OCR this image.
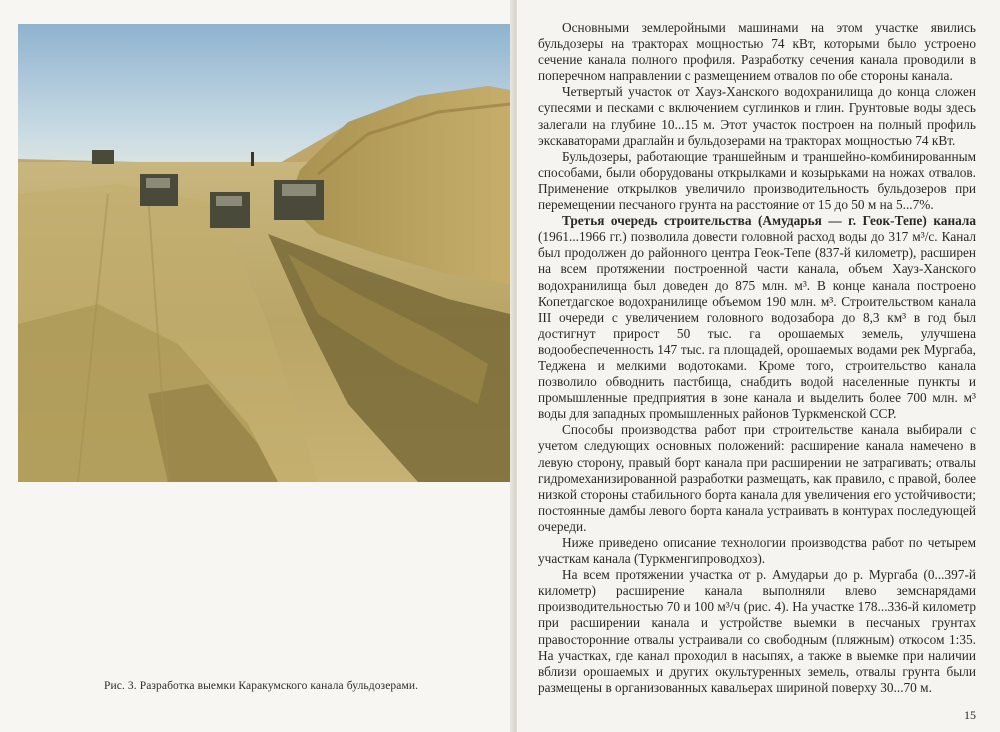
Рис. 3. Разработка выемки Каракумского канала бульдозерами.

Основными землеройными машинами на этом участке явились бульдозеры на тракторах мощностью 74 кВт, которыми было устроено сечение канала полного профиля. Разработку сечения канала проводили в поперечном направлении с размещением отвалов по обе стороны канала.

Четвертый участок от Хауз-Ханского водохранилища до конца сложен супесями и песками с включением суглинков и глин. Грунтовые воды здесь залегали на глубине 10...15 м. Этот участок построен на полный профиль экскаваторами драглайн и бульдозерами на тракторах мощностью 74 кВт.

Бульдозеры, работающие траншейным и траншейно-комбинированным способами, были оборудованы открылками и козырьками на ножах отвалов. Применение открылков увеличило производительность бульдозеров при перемещении песчаного грунта на расстояние от 15 до 50 м на 5...7%.

Третья очередь строительства (Амударья — г. Геок-Тепе) канала (1961...1966 гг.) позволила довести головной расход воды до 317 м³/с. Канал был продолжен до районного центра Геок-Тепе (837-й километр), расширен на всем протяжении построенной части канала, объем Хауз-Ханского водохранилища был доведен до 875 млн. м³. В конце канала построено Копетдагское водохранилище объемом 190 млн. м³. Строительством канала III очереди с увеличением головного водозабора до 8,3 км³ в год был достигнут прирост 50 тыс. га орошаемых земель, улучшена водообеспеченность 147 тыс. га площадей, орошаемых водами рек Мургаба, Теджена и мелкими водотоками. Кроме того, строительство канала позволило обводнить пастбища, снабдить водой населенные пункты и промышленные предприятия в зоне канала и выделить более 700 млн. м³ воды для западных промышленных районов Туркменской ССР.

Способы производства работ при строительстве канала выбирали с учетом следующих основных положений: расширение канала намечено в левую сторону, правый борт канала при расширении не затрагивать; отвалы гидромеханизированной разработки размещать, как правило, с правой, более низкой стороны стабильного борта канала для увеличения его устойчивости; постоянные дамбы левого борта канала устраивать в контурах последующей очереди.

Ниже приведено описание технологии производства работ по четырем участкам канала (Туркменгипроводхоз).

На всем протяжении участка от р. Амударьи до р. Мургаба (0...397-й километр) расширение канала выполняли влево земснарядами производительностью 70 и 100 м³/ч (рис. 4). На участке 178...336-й километр при расширении канала и устройстве выемки в песчаных грунтах правосторонние отвалы устраивали со свободным (пляжным) откосом 1:35. На участках, где канал проходил в насыпях, а также в выемке при наличии вблизи орошаемых и других окультуренных земель, отвалы грунта были размещены в организованных кавальерах шириной поверху 30...70 м.

15
